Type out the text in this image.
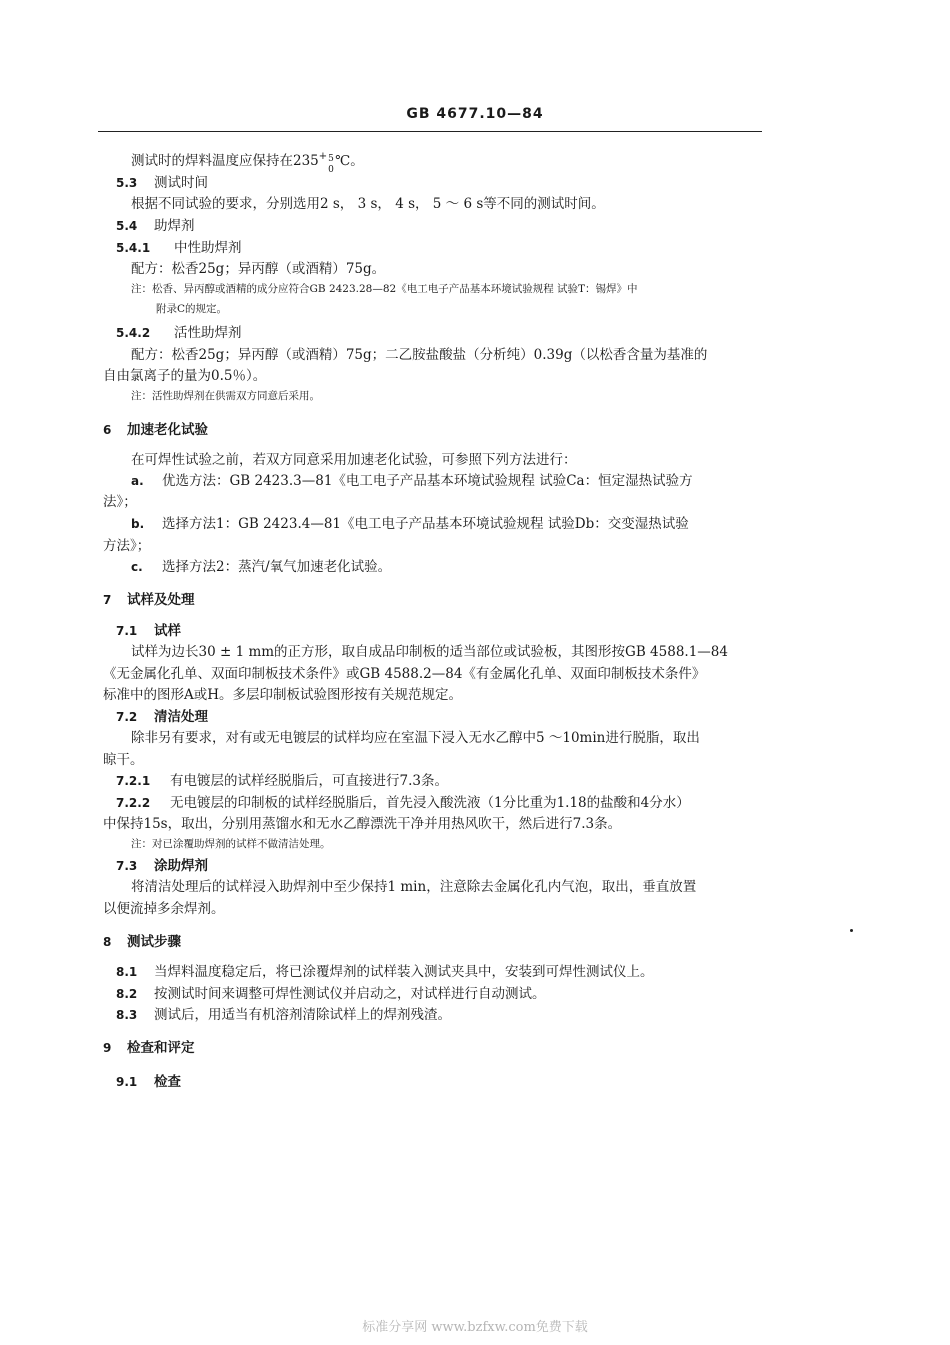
GB 4677.10—84
测试时的焊料温度应保持在235+ 5
0
℃。
5.3 测试时间
根据不同试验的要求，分别选用2 s， 3 s， 4 s， 5 ～ 6 s等不同的测试时间。
5.4 助焊剂
5.4.1 中性助焊剂
配方：松香25g；异丙醇（或酒精）75g。
注：松香、异丙醇或酒精的成分应符合GB 2423.28—82《电工电子产品基本环境试验规程 试验T：锡焊》中
附录C的规定。
5.4.2 活性助焊剂
配方：松香25g；异丙醇（或酒精）75g；二乙胺盐酸盐（分析纯）0.39g（以松香含量为基准的
自由氯离子的量为0.5％）。
注：活性助焊剂在供需双方同意后采用。
6 加速老化试验
在可焊性试验之前，若双方同意采用加速老化试验，可参照下列方法进行：
a. 优选方法：GB 2423.3—81《电工电子产品基本环境试验规程 试验Ca：恒定湿热试验方
法》；
b. 选择方法1：GB 2423.4—81《电工电子产品基本环境试验规程 试验Db：交变湿热试验
方法》；
c. 选择方法2：蒸汽/氧气加速老化试验。
7 试样及处理
7.1 试样
试样为边长30 ± 1 mm的正方形，取自成品印制板的适当部位或试验板，其图形按GB 4588.1—84
《无金属化孔单、双面印制板技术条件》或GB 4588.2—84《有金属化孔单、双面印制板技术条件》
标准中的图形A或H。多层印制板试验图形按有关规范规定。
7.2 清洁处理
除非另有要求，对有或无电镀层的试样均应在室温下浸入无水乙醇中5 ～10min进行脱脂，取出
晾干。
7.2.1 有电镀层的试样经脱脂后，可直接进行7.3条。
7.2.2 无电镀层的印制板的试样经脱脂后，首先浸入酸洗液（1分比重为1.18的盐酸和4分水）
中保持15s，取出，分别用蒸馏水和无水乙醇漂洗干净并用热风吹干，然后进行7.3条。
注：对已涂覆助焊剂的试样不做清洁处理。
7.3 涂助焊剂
将清洁处理后的试样浸入助焊剂中至少保持1 min，注意除去金属化孔内气泡，取出，垂直放置
以便流掉多余焊剂。
8 测试步骤
8.1 当焊料温度稳定后，将已涂覆焊剂的试样装入测试夹具中，安装到可焊性测试仪上。
8.2 按测试时间来调整可焊性测试仪并启动之，对试样进行自动测试。
8.3 测试后，用适当有机溶剂清除试样上的焊剂残渣。
9 检查和评定
9.1 检查
标准分享网 www.bzfxw.com免费下载
